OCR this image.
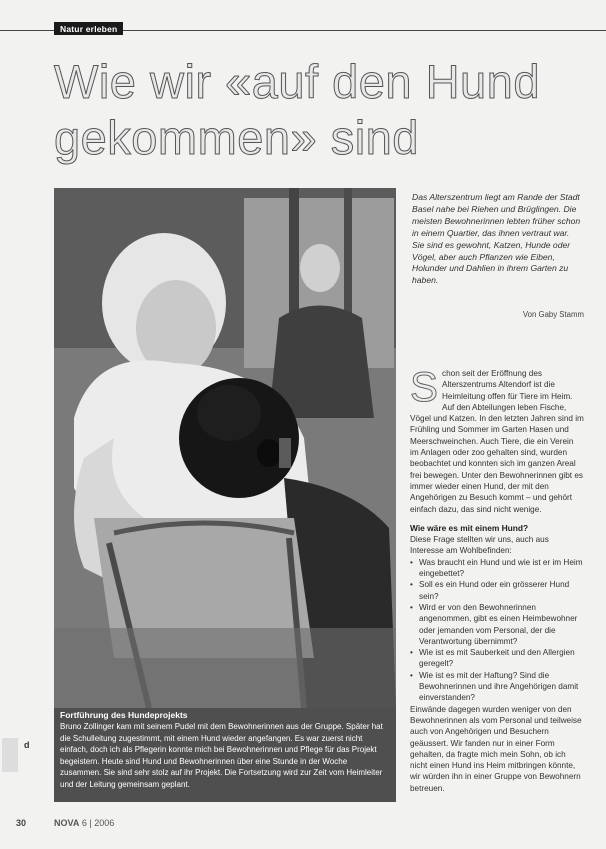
Natur erleben
Wie wir «auf den Hund gekommen» sind
Fortführung des Hundeprojekts

Bruno Zollinger kam mit seinem Pudel mit dem Bewohnerinnen aus der Gruppe. Später hat die Schulleitung zugestimmt, mit einem Hund wieder angefangen. Es war zuerst nicht einfach, doch ich als Pflegerin konnte mich bei Bewohnerinnen und Pflege für das Projekt begeistern. Heute sind Hund und Bewohnerinnen über eine Stunde in der Woche zusammen. Sie sind sehr stolz auf ihr Projekt. Die Fortsetzung wird zur Zeit vom Heimleiter und der Leitung gemeinsam geplant.

Das Alterszentrum liegt am Rande der Stadt Basel nahe bei Riehen und Brüglingen. Die meisten Bewohnerinnen lebten früher schon in einem Quartier, das ihnen vertraut war. Sie sind es gewohnt, Katzen, Hunde oder Vögel, aber auch Pflanzen wie Eiben, Holunder und Dahlien in ihrem Garten zu haben.

Von Gaby Stamm

Schon seit der Eröffnung des Alterszentrums Altendorf ist die Heimleitung offen für Tiere im Heim. Auf den Abteilungen leben Fische, Vögel und Katzen. In den letzten Jahren sind im Frühling und Sommer im Garten Hasen und Meerschweinchen. Auch Tiere, die ein Verein im Anlagen oder zoo gehalten sind, wurden beobachtet und konnten sich im ganzen Areal frei bewegen. Unter den Bewohnerinnen gibt es immer wieder einen Hund, der mit den Angehörigen zu Besuch kommt – und gehört einfach dazu, das sind nicht wenige.

Wie wäre es mit einem Hund?

Diese Frage stellten wir uns, auch aus Interesse am Wohlbefinden:

• Was braucht ein Hund und wie ist er im Heim eingebettet?
• Soll es ein Hund oder ein grösserer Hund sein?
• Wird er von den Bewohnerinnen angenommen, gibt es einen Heimbewohner oder jemanden vom Personal, der die Verantwortung übernimmt?
• Wie ist es mit Sauberkeit und den Allergien geregelt?
• Wie ist es mit der Haftung? Sind die Bewohnerinnen und ihre Angehörigen damit einverstanden?

Einwände dagegen wurden weniger von den Bewohnerinnen als vom Personal und teilweise auch von Angehörigen und Besuchern geäussert. Wir fanden nur in einer Form gehalten, da fragte mich mein Sohn, ob ich nicht einen Hund ins Heim mitbringen könnte, wir würden ihn in einer Gruppe von Bewohnern betreuen.

d
30	NOVA 6 | 2006
